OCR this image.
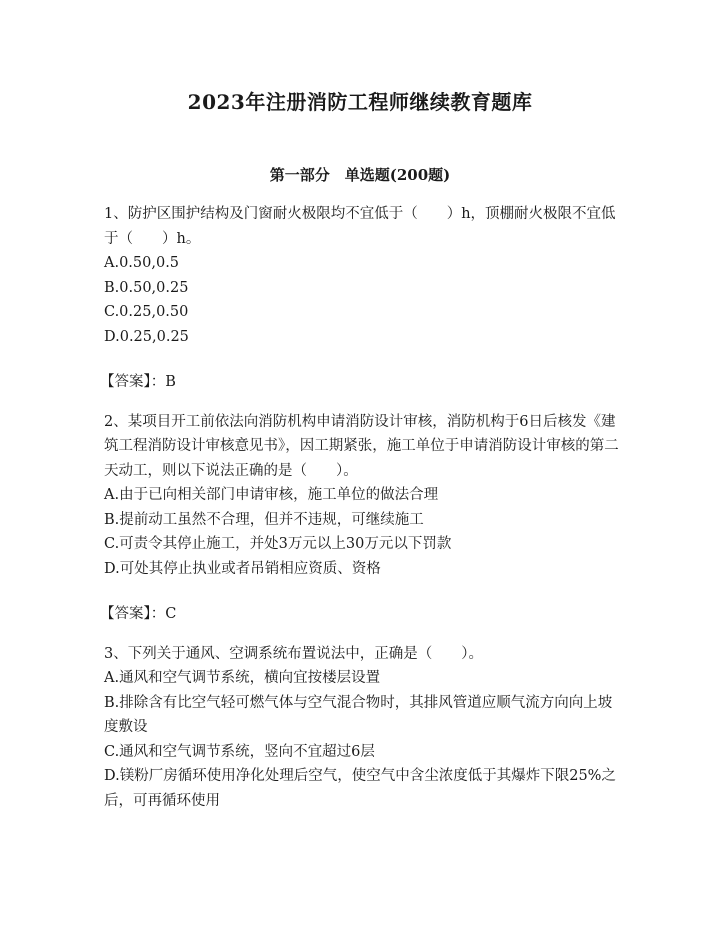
2023年注册消防工程师继续教育题库
第一部分　单选题(200题)

1、防护区围护结构及门窗耐火极限均不宜低于（　　）h，顶棚耐火极限不宜低于（　　）h。

A.0.50,0.5

B.0.50,0.25

C.0.25,0.50

D.0.25,0.25

【答案】：B

2、某项目开工前依法向消防机构申请消防设计审核，消防机构于6日后核发《建筑工程消防设计审核意见书》，因工期紧张，施工单位于申请消防设计审核的第二天动工，则以下说法正确的是（　　）。

A.由于已向相关部门申请审核，施工单位的做法合理

B.提前动工虽然不合理，但并不违规，可继续施工

C.可责令其停止施工，并处3万元以上30万元以下罚款

D.可处其停止执业或者吊销相应资质、资格

【答案】：C

3、下列关于通风、空调系统布置说法中，正确是（　　）。

A.通风和空气调节系统，横向宜按楼层设置

B.排除含有比空气轻可燃气体与空气混合物时，其排风管道应顺气流方向向上坡度敷设

C.通风和空气调节系统，竖向不宜超过6层

D.镁粉厂房循环使用净化处理后空气，使空气中含尘浓度低于其爆炸下限25%之后，可再循环使用
